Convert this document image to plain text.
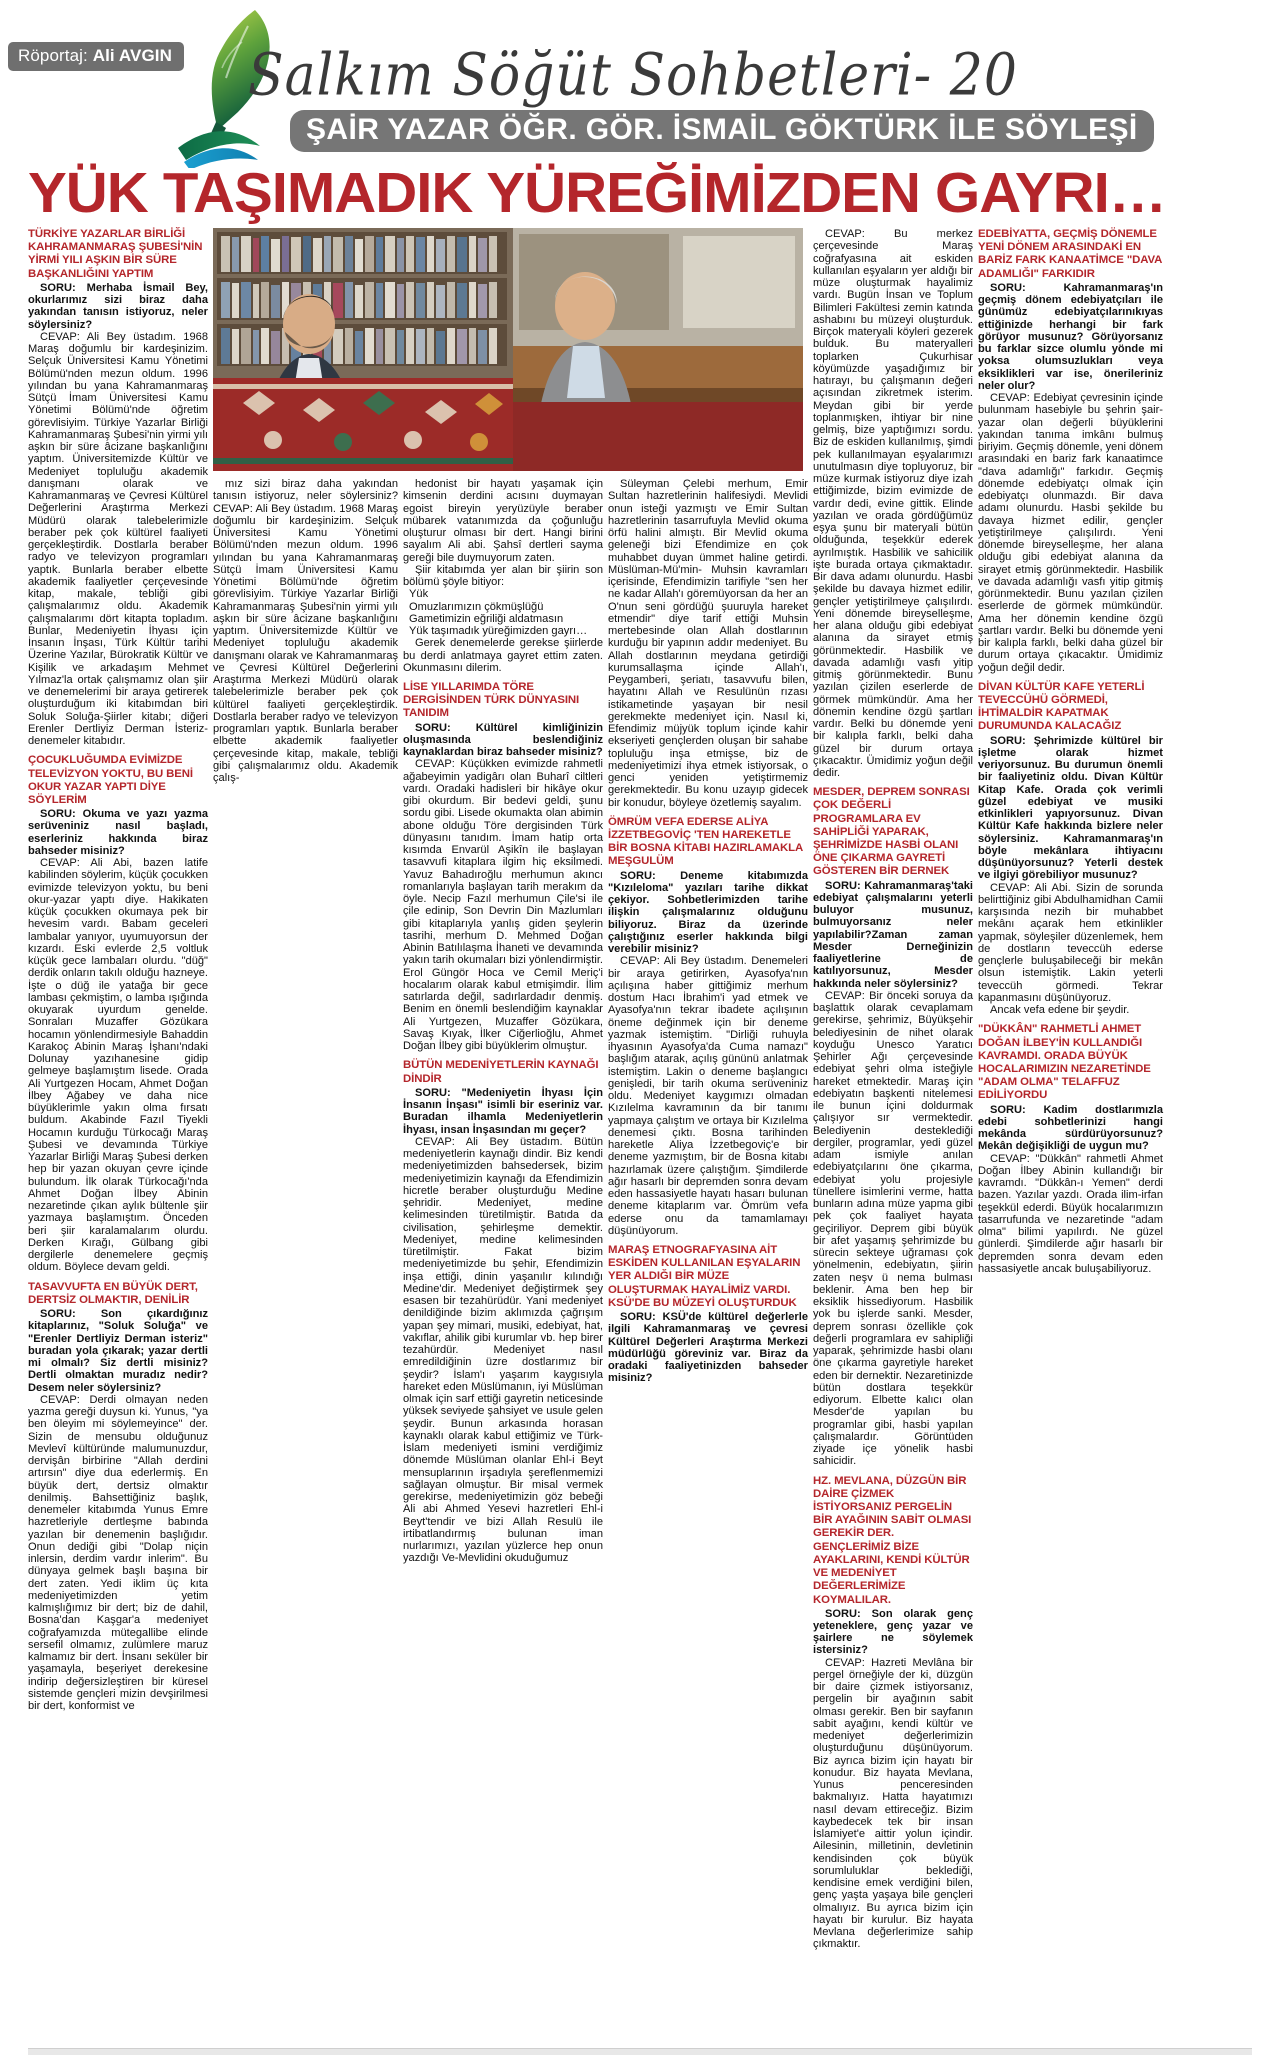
Röportaj: Ali AVGIN Salkım Söğüt Sohbetleri- 20
ŞAİR YAZAR ÖĞR. GÖR. İSMAİL GÖKTÜRK İLE SÖYLEŞİ
YÜK TAŞIMADIK YÜREĞİMİZDEN GAYRI…
TÜRKİYE YAZARLAR BİRLİĞİ KAHRAMANMARAŞ ŞUBESİ'NİN YİRMİ YILI AŞKIN BİR SÜRE BAŞKANLIĞINI YAPTIM

SORU: Merhaba İsmail Bey, okurlarımız sizi biraz daha yakından tanısın istiyoruz, neler söylersiniz?

CEVAP: Ali Bey üstadım. 1968 Maraş doğumlu bir kardeşinizim. Selçuk Üniversitesi Kamu Yönetimi Bölümü'nden mezun oldum. 1996 yılından bu yana Kahramanmaraş Sütçü İmam Üniversitesi Kamu Yönetimi Bölümü'nde öğretim görevlisiyim. Türkiye Yazarlar Birliği Kahramanmaraş Şubesi'nin yirmi yılı aşkın bir süre âcizane başkanlığını yaptım. Üniversitemizde Kültür ve Medeniyet topluluğu akademik danışmanı olarak ve Kahramanmaraş ve Çevresi Kültürel Değerlerini Araştırma Merkezi Müdürü olarak talebelerimizle beraber pek çok kültürel faaliyeti gerçekleştirdik. Dostlarla beraber radyo ve televizyon programları yaptık. Bunlarla beraber elbette akademik faaliyetler çerçevesinde kitap, makale, tebliği gibi çalışmalarımız oldu. Akademik çalışmalarımı dört kitapta topladım. Bunlar, Medeniyetin İhyası için İnsanın İnşası, Türk Kültür tarihi Üzerine Yazılar, Bürokratik Kültür ve Kişilik ve arkadaşım Mehmet Yılmaz'la ortak çalışmamız olan şiir ve denemelerimi bir araya getirerek oluşturduğum iki kitabımdan biri Soluk Soluğa-Şiirler kitabı; diğeri Erenler Dertliyiz Derman İsteriz-denemeler kitabıdır.

ÇOCUKLUĞUMDA EVİMİZDE TELEVİZYON YOKTU, BU BENİ OKUR YAZAR YAPTI DİYE SÖYLERİM

SORU: Okuma ve yazı yazma serüveniniz nasıl başladı, eserleriniz hakkında biraz bahseder misiniz?

CEVAP: Ali Abi, bazen latife kabilinden söylerim, küçük çocukken evimizde televizyon yoktu, bu beni okur-yazar yaptı diye. Hakikaten küçük çocukken okumaya pek bir hevesim vardı. Babam geceleri lambalar yanıyor, uyumuyorsun der kızardı. Eski evlerde 2,5 voltluk küçük gece lambaları olurdu. "düğ" derdik onların takılı olduğu hazneye. İşte o düğ ile yatağa bir gece lambası çekmiştim, o lamba ışığında okuyarak uyurdum genelde. Sonraları Muzaffer Gözükara hocamın yönlendirmesiyle Bahaddin Karakoç Abinin Maraş İşhanı'ndaki Dolunay yazıhanesine gidip gelmeye başlamıştım lisede. Orada Ali Yurtgezen Hocam, Ahmet Doğan İlbey Ağabey ve daha nice büyüklerimle yakın olma fırsatı buldum. Akabinde Fazıl Tiyekli Hocamın kurduğu Türkocağı Maraş Şubesi ve devamında Türkiye Yazarlar Birliği Maraş Şubesi derken hep bir yazan okuyan çevre içinde bulundum. İlk olarak Türkocağı'nda Ahmet Doğan İlbey Abinin nezaretinde çıkan aylık bültenle şiir yazmaya başlamıştım. Önceden beri şiir karalamalarım olurdu. Derken Kırağı, Gülbang gibi dergilerle denemelere geçmiş oldum. Böylece devam geldi.

TASAVVUFTA EN BÜYÜK DERT, DERTSİZ OLMAKTIR, DENİLİR

SORU: Son çıkardığınız kitaplarınız, "Soluk Soluğa" ve "Erenler Dertliyiz Derman isteriz" buradan yola çıkarak; yazar dertli mi olmalı? Siz dertli misiniz? Dertli olmaktan muradız nedir? Desem neler söylersiniz?

CEVAP: Derdi olmayan neden yazma gereği duysun ki. Yunus, "ya ben öleyim mi söylemeyince" der. Sizin de mensubu olduğunuz Mevlevî kültüründe malumunuzdur, dervişân birbirine "Allah derdini artırsın" diye dua ederlermiş. En büyük dert, dertsiz olmaktır denilmiş. Bahsettiğiniz başlık, denemeler kitabımda Yunus Emre hazretleriyle dertleşme babında yazılan bir denemenin başlığıdır. Onun dediği gibi "Dolap niçin inlersin, derdim vardır inlerim". Bu dünyaya gelmek başlı başına bir dert zaten. Yedi iklim üç kıta medeniyetimizden yetim kalmışlığımız bir dert; biz de dahil, Bosna'dan Kaşgar'a medeniyet coğrafyamızda mütegallibe elinde sersefil olmamız, zulümlere maruz kalmamız bir dert. İnsanı seküler bir yaşamayla, beşeriyet derekesine indirip değersizleştiren bir küresel sistemde gençleri mizin devşirilmesi bir dert, konformist ve

mız sizi biraz daha yakından tanısın istiyoruz, neler söylersiniz? CEVAP: Ali Bey üstadım. 1968 Maraş doğumlu bir kardeşinizim. Selçuk Üniversitesi Kamu Yönetimi Bölümü'nden mezun oldum. 1996 yılından bu yana Kahramanmaraş Sütçü İmam Üniversitesi Kamu Yönetimi Bölümü'nde öğretim görevlisiyim. Türkiye Yazarlar Birliği Kahramanmaraş Şubesi'nin yirmi yılı aşkın bir süre âcizane başkanlığını yaptım. Üniversitemizde Kültür ve Medeniyet topluluğu akademik danışmanı olarak ve Kahramanmaraş ve Çevresi Kültürel Değerlerini Araştırma Merkezi Müdürü olarak talebelerimizle beraber pek çok kültürel faaliyeti gerçekleştirdik. Dostlarla beraber radyo ve televizyon programları yaptık. Bunlarla beraber elbette akademik faaliyetler çerçevesinde kitap, makale, tebliği gibi çalışmalarımız oldu. Akademik çalış-

hedonist bir hayatı yaşamak için kimsenin derdini acısını duymayan egoist bireyin yeryüzüyle beraber mübarek vatanımızda da çoğunluğu oluşturur olması bir dert. Hangi birini sayalım Ali abi. Şahsî dertleri sayma gereği bile duymuyorum zaten.

Şiir kitabımda yer alan bir şiirin son bölümü şöyle bitiyor:

Yük

Omuzlarımızın çökmüşlüğü

Gametimizin eğriliği aldatmasın

Yük taşımadık yüreğimizden gayrı…

Gerek denemelerde gerekse şiirlerde bu derdi anlatmaya gayret ettim zaten. Okunmasını dilerim.

LİSE YILLARIMDA TÖRE DERGİSİNDEN TÜRK DÜNYASINI TANIDIM

SORU: Kültürel kimliğinizin oluşmasında beslendiğiniz kaynaklardan biraz bahseder misiniz?

CEVAP: Küçükken evimizde rahmetli ağabeyimin yadigârı olan Buharî ciltleri vardı. Oradaki hadisleri bir hikâye okur gibi okurdum. Bir bedevi geldi, şunu sordu gibi. Lisede okumakta olan abimin abone olduğu Töre dergisinden Türk dünyasını tanıdım. İmam hatip orta kısımda Envarül Aşikîn ile başlayan tasavvufi kitaplara ilgim hiç eksilmedi. Yavuz Bahadıroğlu merhumun akıncı romanlarıyla başlayan tarih merakım da öyle. Necip Fazıl merhumun Çile'si ile çile edinip, Son Devrin Din Mazlumları gibi kitaplarıyla yanlış giden şeylerin tasrihi, merhum D. Mehmed Doğan Abinin Batılılaşma İhaneti ve devamında yakın tarih okumaları bizi yönlendirmiştir. Erol Güngör Hoca ve Cemil Meriç'i hocalarım olarak kabul etmişimdir. İlim satırlarda değil, sadırlardadır denmiş. Benim en önemli beslendiğim kaynaklar Ali Yurtgezen, Muzaffer Gözükara, Savaş Kıyak, İlker Ciğerlioğlu, Ahmet Doğan İlbey gibi büyüklerim olmuştur.

BÜTÜN MEDENİYETLERİN KAYNAĞI DİNDİR

SORU: "Medeniyetin İhyası İçin İnsanın İnşası" isimli bir eseriniz var. Buradan ilhamla Medeniyetlerin İhyası, insan İnşasından mı geçer?

CEVAP: Ali Bey üstadım. Bütün medeniyetlerin kaynağı dindir. Biz kendi medeniyetimizden bahsedersek, bizim medeniyetimizin kaynağı da Efendimizin hicretle beraber oluşturduğu Medine şehridir. Medeniyet, medine kelimesinden türetilmiştir. Batıda da civilisation, şehirleşme demektir. Medeniyet, medine kelimesinden türetilmiştir. Fakat bizim medeniyetimizde bu şehir, Efendimizin inşa ettiği, dinin yaşanılır kılındığı Medine'dir. Medeniyet değiştirmek şey esasen bir tezahürüdür. Yani medeniyet denildiğinde bizim aklımızda çağrışım yapan şey mimari, musiki, edebiyat, hat, vakıflar, ahilik gibi kurumlar vb. hep birer tezahürdür. Medeniyet nasıl emredildiğinin üzre dostlarımız bir şeydir? İslam'ı yaşarım kaygısıyla hareket eden Müslümanın, iyi Müslüman olmak için sarf ettiği gayretin neticesinde yüksek seviyede şahsiyet ve usule gelen şeydir. Bunun arkasında horasan kaynaklı olarak kabul ettiğimiz ve Türk-İslam medeniyeti ismini verdiğimiz dönemde Müslüman olanlar Ehl-i Beyt mensuplarının irşadıyla şereflenmemizi sağlayan olmuştur. Bir misal vermek gerekirse, medeniyetimizin göz bebeği Ali abi Ahmed Yesevi hazretleri Ehl-i Beyt'tendir ve bizi Allah Resulü ile irtibatlandırmış bulunan iman nurlarımızı, yazılan yüzlerce hep onun yazdığı Ve-Mevlidini okuduğumuz

Süleyman Çelebi merhum, Emir Sultan hazretlerinin halifesiydi. Mevlidi onun isteği yazmıştı ve Emir Sultan hazretlerinin tasarrufuyla Mevlid okuma örfü halini almıştı. Bir Mevlid okuma geleneği bizi Efendimize en çok muhabbet duyan ümmet haline getirdi. Müslüman-Mü'min- Muhsin kavramları içerisinde, Efendimizin tarifiyle "sen her ne kadar Allah'ı göremüyorsan da her an O'nun seni gördüğü şuuruyla hareket etmendir" diye tarif ettiği Muhsin mertebesinde olan Allah dostlarının kurduğu bir yapının addır medeniyet. Bu Allah dostlarının meydana getirdiği kurumsallaşma içinde Allah'ı, Peygamberi, şeriatı, tasavvufu bilen, hayatını Allah ve Resulünün rızası istikametinde yaşayan bir nesil gerekmekte medeniyet için. Nasıl ki, Efendimiz müjyük toplum içinde kahir ekseriyeti gençlerden oluşan bir sahabe topluluğu inşa etmişse, biz de medeniyetimizi ihya etmek istiyorsak, o genci yeniden yetiştirmemiz gerekmektedir. Bu konu uzayıp gidecek bir konudur, böyleye özetlemiş sayalım.

ÖMRÜM VEFA EDERSE ALİYA İZZETBEGOVİÇ 'TEN HAREKETLE BİR BOSNA KİTABI HAZIRLAMAKLA MEŞGULÜM

SORU: Deneme kitabımızda "Kızıleloma" yazıları tarihe dikkat çekiyor. Sohbetlerimizden tarihe ilişkin çalışmalarınız olduğunu biliyoruz. Biraz da üzerinde çalıştığınız eserler hakkında bilgi verebilir misiniz?

CEVAP: Ali Bey üstadım. Denemeleri bir araya getirirken, Ayasofya'nın açılışına haber gittiğimiz merhum dostum Hacı İbrahim'i yad etmek ve Ayasofya'nın tekrar ibadete açılışının öneme değinmek için bir deneme yazmak istemiştim. "Dirliği ruhuyla ihyasının Ayasofya'da Cuma namazı" başlığım atarak, açılış gününü anlatmak istemiştim. Lakin o deneme başlangıcı genişledi, bir tarih okuma serüveniniz oldu. Medeniyet kaygımızı olmadan Kızılelma kavramının da bir tanımı yapmaya çalıştım ve ortaya bir Kızılelma denemesi çıktı. Bosna tarihinden hareketle Aliya İzzetbegoviç'e bir deneme yazmıştım, bir de Bosna kitabı hazırlamak üzere çalıştığım. Şimdilerde ağır hasarlı bir depremden sonra devam eden hassasiyetle hayatı hasarı bulunan deneme kitaplarım var. Ömrüm vefa ederse onu da tamamlamayı düşünüyorum.

MARAŞ ETNOGRAFYASINA AİT ESKİDEN KULLANILAN EŞYALARIN YER ALDIĞI BİR MÜZE OLUŞTURMAK HAYALİMİZ VARDI. KSÜ'DE BU MÜZEYİ OLUŞTURDUK

SORU: KSÜ'de kültürel değerlerle ilgili Kahramanmaraş ve çevresi Kültürel Değerleri Araştırma Merkezi müdürlüğü göreviniz var. Biraz da oradaki faaliyetinizden bahseder misiniz?

CEVAP: Bu merkez çerçevesinde Maraş coğrafyasına ait eskiden kullanılan eşyaların yer aldığı bir müze oluşturmak hayalimiz vardı. Bugün İnsan ve Toplum Bilimleri Fakültesi zemin katında ashabını bu müzeyi oluşturduk. Birçok materyali köyleri gezerek bulduk. Bu materyalleri toplarken Çukurhisar köyümüzde yaşadığımız bir hatırayı, bu çalışmanın değeri açısından zikretmek isterim. Meydan gibi bir yerde toplanmışken, ihtiyar bir nine gelmiş, bize yaptığımızı sordu. Biz de eskiden kullanılmış, şimdi pek kullanılmayan eşyalarımızı unutulmasın diye topluyoruz, bir müze kurmak istiyoruz diye izah ettiğimizde, bizim evimizde de vardır dedi, evine gittik. Elinde yazılan ve orada gördüğümüz eşya şunu bir materyali bütün olduğunda, teşekkür ederek ayrılmıştık. Hasbilik ve sahicilik işte burada ortaya çıkmaktadır. Bir dava adamı olunurdu. Hasbi şekilde bu davaya hizmet edilir, gençler yetiştirilmeye çalışılırdı. Yeni dönemde bireyselleşme, her alana olduğu gibi edebiyat alanına da sirayet etmiş görünmektedir. Hasbilik ve davada adamlığı vasfı yitip gitmiş görünmektedir. Bunu yazılan çizilen eserlerde de görmek mümkündür. Ama her dönemin kendine özgü şartları vardır. Belki bu dönemde yeni bir kalıpla farklı, belki daha güzel bir durum ortaya çıkacaktır. Ümidimiz yoğun değil dedir.

MESDER, DEPREM SONRASI ÇOK DEĞERLİ PROGRAMLARA EV SAHİPLİĞİ YAPARAK, ŞEHRİMİZDE HASBİ OLANI ÖNE ÇIKARMA GAYRETİ GÖSTEREN BİR DERNEK

SORU: Kahramanmaraş'taki edebiyat çalışmalarını yeterli buluyor musunuz, bulmuyorsanız neler yapılabilir?Zaman zaman Mesder Derneğinizin faaliyetlerine de katılıyorsunuz, Mesder hakkında neler söylersiniz?

CEVAP: Bir önceki soruya da başlattık olarak cevaplamam gerekirse, şehrimiz, Büyükşehir belediyesinin de nihet olarak koyduğu Unesco Yaratıcı Şehirler Ağı çerçevesinde edebiyat şehri olma isteğiyle hareket etmektedir. Maraş için edebiyatın başkenti nitelemesi ile bunun içini doldurmak çalışıyor sır vermektedir. Belediyenin desteklediği dergiler, programlar, yedi güzel adam ismiyle anılan edebiyatçılarını öne çıkarma, edebiyat yolu projesiyle tünellere isimlerini verme, hatta bunların adına müze yapma gibi pek çok faaliyet hayata geçiriliyor. Deprem gibi büyük bir afet yaşamış şehrimizde bu sürecin sekteye uğraması çok yönelmenin, edebiyatın, şiirin zaten neşv ü nema bulması beklenir. Ama ben hep bir eksiklik hissediyorum. Hasbilik yok bu işlerde sanki. Mesder, deprem sonrası özellikle çok değerli programlara ev sahipliği yaparak, şehrimizde hasbi olanı öne çıkarma gayretiyle hareket eden bir dernektir. Nezaretinizde bütün dostlara teşekkür ediyorum. Elbette kalıcı olan Mesder'de yapılan bu programlar gibi, hasbi yapılan çalışmalardır. Görüntüden ziyade içe yönelik hasbi sahicidir.

HZ. MEVLANA, DÜZGÜN BİR DAİRE ÇİZMEK İSTİYORSANIZ PERGELİN BİR AYAĞININ SABİT OLMASI GEREKİR DER. GENÇLERİMİZ BİZE AYAKLARINI, KENDİ KÜLTÜR VE MEDENİYET DEĞERLERİMİZE KOYMALILAR.

SORU: Son olarak genç yeteneklere, genç yazar ve şairlere ne söylemek istersiniz?

CEVAP: Hazreti Mevlâna bir pergel örneğiyle der ki, düzgün bir daire çizmek istiyorsanız, pergelin bir ayağının sabit olması gerekir. Ben bir sayfanın sabit ayağını, kendi kültür ve medeniyet değerlerimizin oluşturduğunu düşünüyorum. Biz ayrıca bizim için hayatı bir konudur. Biz hayata Mevlana, Yunus penceresinden bakmalıyız. Hatta hayatımızı nasıl devam ettireceğiz. Bizim kaybedecek tek bir insan İslamiyet'e aittir yolun içindir. Ailesinin, milletinin, devletinin kendisinden çok büyük sorumluluklar beklediği, kendisine emek verdiğini bilen, genç yaşta yaşaya bile gençleri olmalıyız. Bu ayrıca bizim için hayatı bir kurulur. Biz hayata Mevlana değerlerimize sahip çıkmaktır.

EDEBİYATTA, GEÇMİŞ DÖNEMLE YENİ DÖNEM ARASINDAKİ EN BARİZ FARK KANAATİMCE "DAVA ADAMLIĞI" FARKIDIR

SORU: Kahramanmaraş'ın geçmiş dönem edebiyatçıları ile günümüz edebiyatçılarınıkıyas ettiğinizde herhangi bir fark görüyor musunuz? Görüyorsanız bu farklar sizce olumlu yönde mi yoksa olumsuzlukları veya eksiklikleri var ise, önerileriniz neler olur?

CEVAP: Edebiyat çevresinin içinde bulunmam hasebiyle bu şehrin şair-yazar olan değerli büyüklerini yakından tanıma imkânı bulmuş biriyim. Geçmiş dönemle, yeni dönem arasındaki en bariz fark kanaatimce "dava adamlığı" farkıdır. Geçmiş dönemde edebiyatçı olmak için edebiyatçı olunmazdı. Bir dava adamı olunurdu. Hasbi şekilde bu davaya hizmet edilir, gençler yetiştirilmeye çalışılırdı. Yeni dönemde bireyselleşme, her alana olduğu gibi edebiyat alanına da sirayet etmiş görünmektedir. Hasbilik ve davada adamlığı vasfı yitip gitmiş görünmektedir. Bunu yazılan çizilen eserlerde de görmek mümkündür. Ama her dönemin kendine özgü şartları vardır. Belki bu dönemde yeni bir kalıpla farklı, belki daha güzel bir durum ortaya çıkacaktır. Ümidimiz yoğun değil dedir.

DİVAN KÜLTÜR KAFE YETERLİ TEVECCÜHÜ GÖRMEDİ, İHTİMALDİR KAPATMAK DURUMUNDA KALACAĞIZ

SORU: Şehrimizde kültürel bir işletme olarak hizmet veriyorsunuz. Bu durumun önemli bir faaliyetiniz oldu. Divan Kültür Kitap Kafe. Orada çok verimli güzel edebiyat ve musiki etkinlikleri yapıyorsunuz. Divan Kültür Kafe hakkında bizlere neler söylersiniz. Kahramanmaraş'ın böyle mekânlara ihtiyacını düşünüyorsunuz? Yeterli destek ve ilgiyi görebiliyor musunuz?

CEVAP: Ali Abi. Sizin de sorunda belirttiğiniz gibi Abdulhamidhan Camii karşısında nezih bir muhabbet mekânı açarak hem etkinlikler yapmak, söyleşiler düzenlemek, hem de dostların teveccüh ederse gençlerle buluşabileceği bir mekân olsun istemiştik. Lakin yeterli teveccüh görmedi. Tekrar kapanmasını düşünüyoruz.

Ancak vefa edene bir şeydir.

"DÜKKÂN" RAHMETLİ AHMET DOĞAN İLBEY'İN KULLANDIĞI KAVRAMDI. ORADA BÜYÜK HOCALARIMIZIN NEZARETİNDE "ADAM OLMA" TELAFFUZ EDİLİYORDU

SORU: Kadim dostlarımızla edebi sohbetlerinizi hangi mekânda sürdürüyorsunuz? Mekân değişikliği de uygun mu?

CEVAP: "Dükkân" rahmetli Ahmet Doğan İlbey Abinin kullandığı bir kavramdı. "Dükkân-ı Yemen" derdi bazen. Yazılar yazdı. Orada ilim-irfan teşekkül ederdi. Büyük hocalarımızın tasarrufunda ve nezaretinde "adam olma" bilimi yapılırdı. Ne güzel günlerdi. Şimdilerde ağır hasarlı bir depremden sonra devam eden hassasiyetle ancak buluşabiliyoruz.
